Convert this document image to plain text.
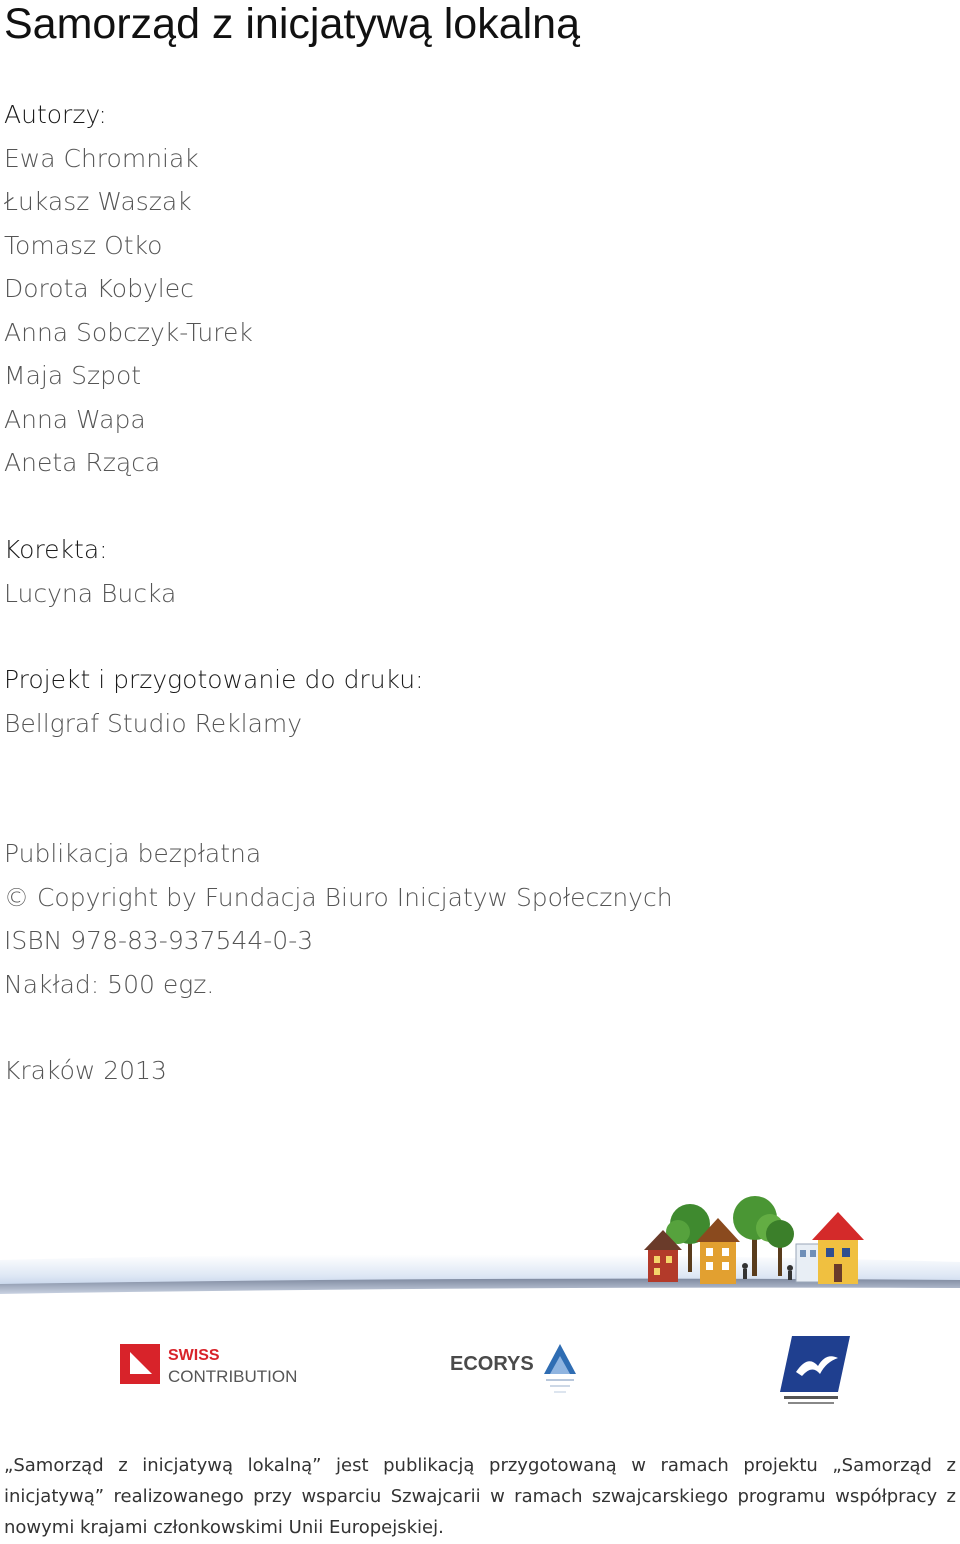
Samorząd z inicjatywą lokalną
Autorzy:
Ewa Chromniak
Łukasz Waszak
Tomasz Otko
Dorota Kobylec
Anna Sobczyk-Turek
Maja Szpot
Anna Wapa
Aneta Rząca
Korekta:
Lucyna Bucka
Projekt i przygotowanie do druku:
Bellgraf Studio Reklamy
Publikacja bezpłatna
© Copyright by Fundacja Biuro Inicjatyw Społecznych
ISBN 978-83-937544-0-3
Nakład: 500 egz.
Kraków 2013
SWISS
CONTRIBUTION
ECORYS

„Samorząd z inicjatywą lokalną” jest publikacją przygotowaną w ramach projektu „Samorząd z inicjatywą” realizowanego przy wsparciu Szwajcarii w ramach szwajcarskiego programu współpracy z nowymi krajami członkowskimi Unii Europejskiej.
